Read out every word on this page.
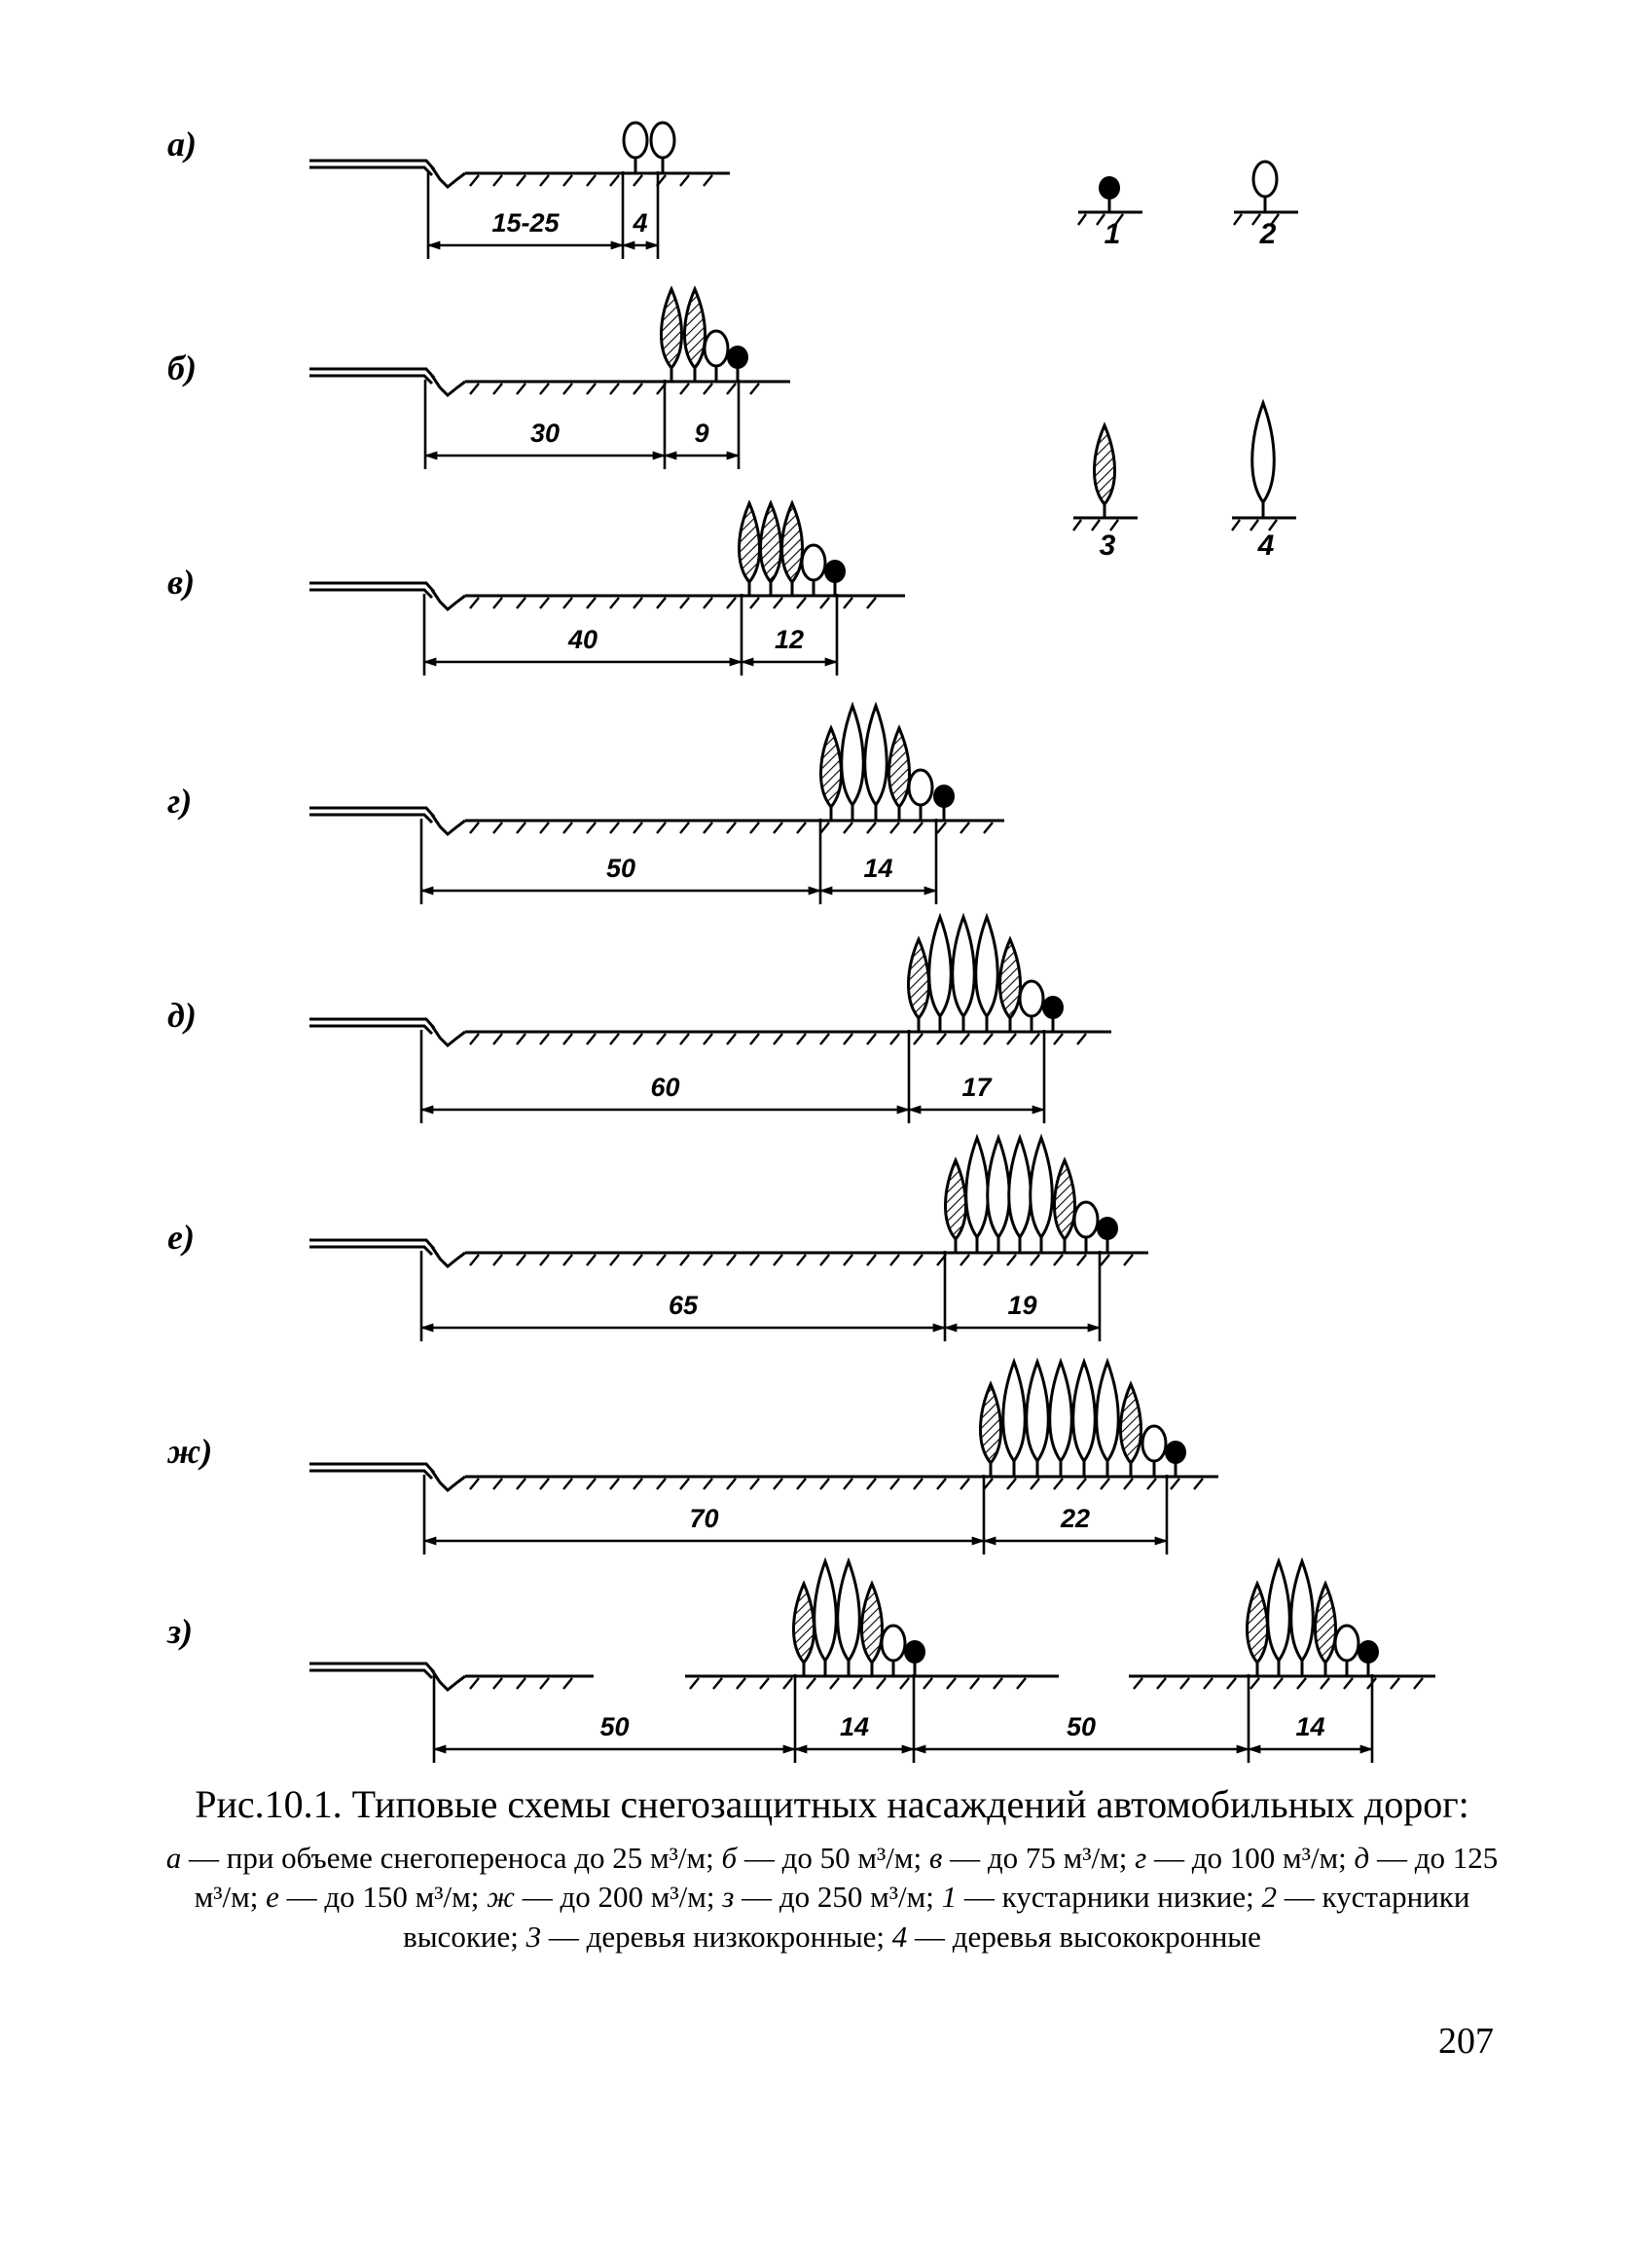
а)
15-25	4
б)
30	9
в)
40	12
г)
50	14
д)
60	17
е)
65	19
ж)
70	22
з)
50	14	50	14
1	2
3	4

Рис.10.1. Типовые схемы снегозащитных насаждений автомобильных дорог:

а — при объеме снегопереноса до 25 м³/м; б — до 50 м³/м; в — до 75 м³/м; г — до 100 м³/м; д — до 125 м³/м; е — до 150 м³/м; ж — до 200 м³/м; з — до 250 м³/м; 1 — кустарники низкие; 2 — кустарники высокие; 3 — деревья низкокронные; 4 — деревья высококронные

207
